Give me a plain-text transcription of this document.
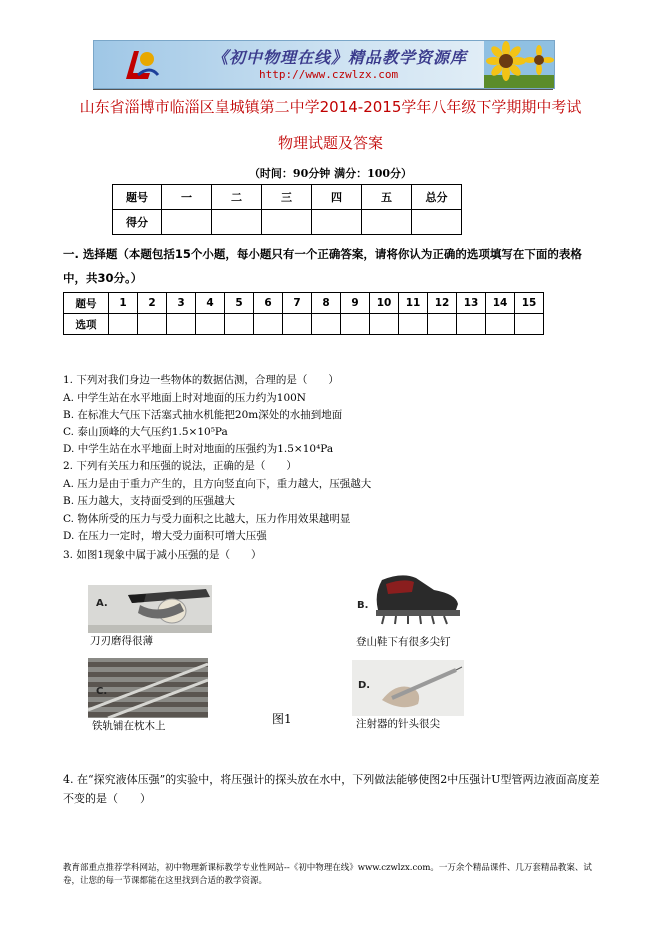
《初中物理在线》精品教学资源库
http://www.czwlzx.com
山东省淄博市临淄区皇城镇第二中学2014-2015学年八年级下学期期中考试
物理试题及答案
（时间：90分钟 满分：100分）
题号	一	二	三	四	五	总分
得分						
一. 选择题（本题包括15个小题，每小题只有一个正确答案，请将你认为正确的选项填写在下面的表格中，共30分。）
题号	1	2	3	4	5	6	7	8	9	10	11	12	13	14	15
选项															
1. 下列对我们身边一些物体的数据估测，合理的是（　　）
A. 中学生站在水平地面上时对地面的压力约为100N
B. 在标准大气压下活塞式抽水机能把20m深处的水抽到地面
C. 泰山顶峰的大气压约1.5×10⁵Pa
D. 中学生站在水平地面上时对地面的压强约为1.5×10⁴Pa
2. 下列有关压力和压强的说法，正确的是（　　）
A. 压力是由于重力产生的，且方向竖直向下，重力越大，压强越大
B. 压力越大，支持面受到的压强越大
C. 物体所受的压力与受力面积之比越大，压力作用效果越明显
D. 在压力一定时，增大受力面积可增大压强
3. 如图1现象中属于减小压强的是（　　）
A.
刀刃磨得很薄
B.
登山鞋下有很多尖钉
C.
铁轨铺在枕木上	图1
D.
注射器的针头很尖
4. 在“探究液体压强”的实验中，将压强计的探头放在水中，下列做法能够使图2中压强计U型管两边液面高度差不变的是（　　）
教育部重点推荐学科网站，初中物理新课标教学专业性网站--《初中物理在线》www.czwlzx.com。一万余个精品课件、几万套精品教案、试卷，让您的每一节课都能在这里找到合适的教学资源。
